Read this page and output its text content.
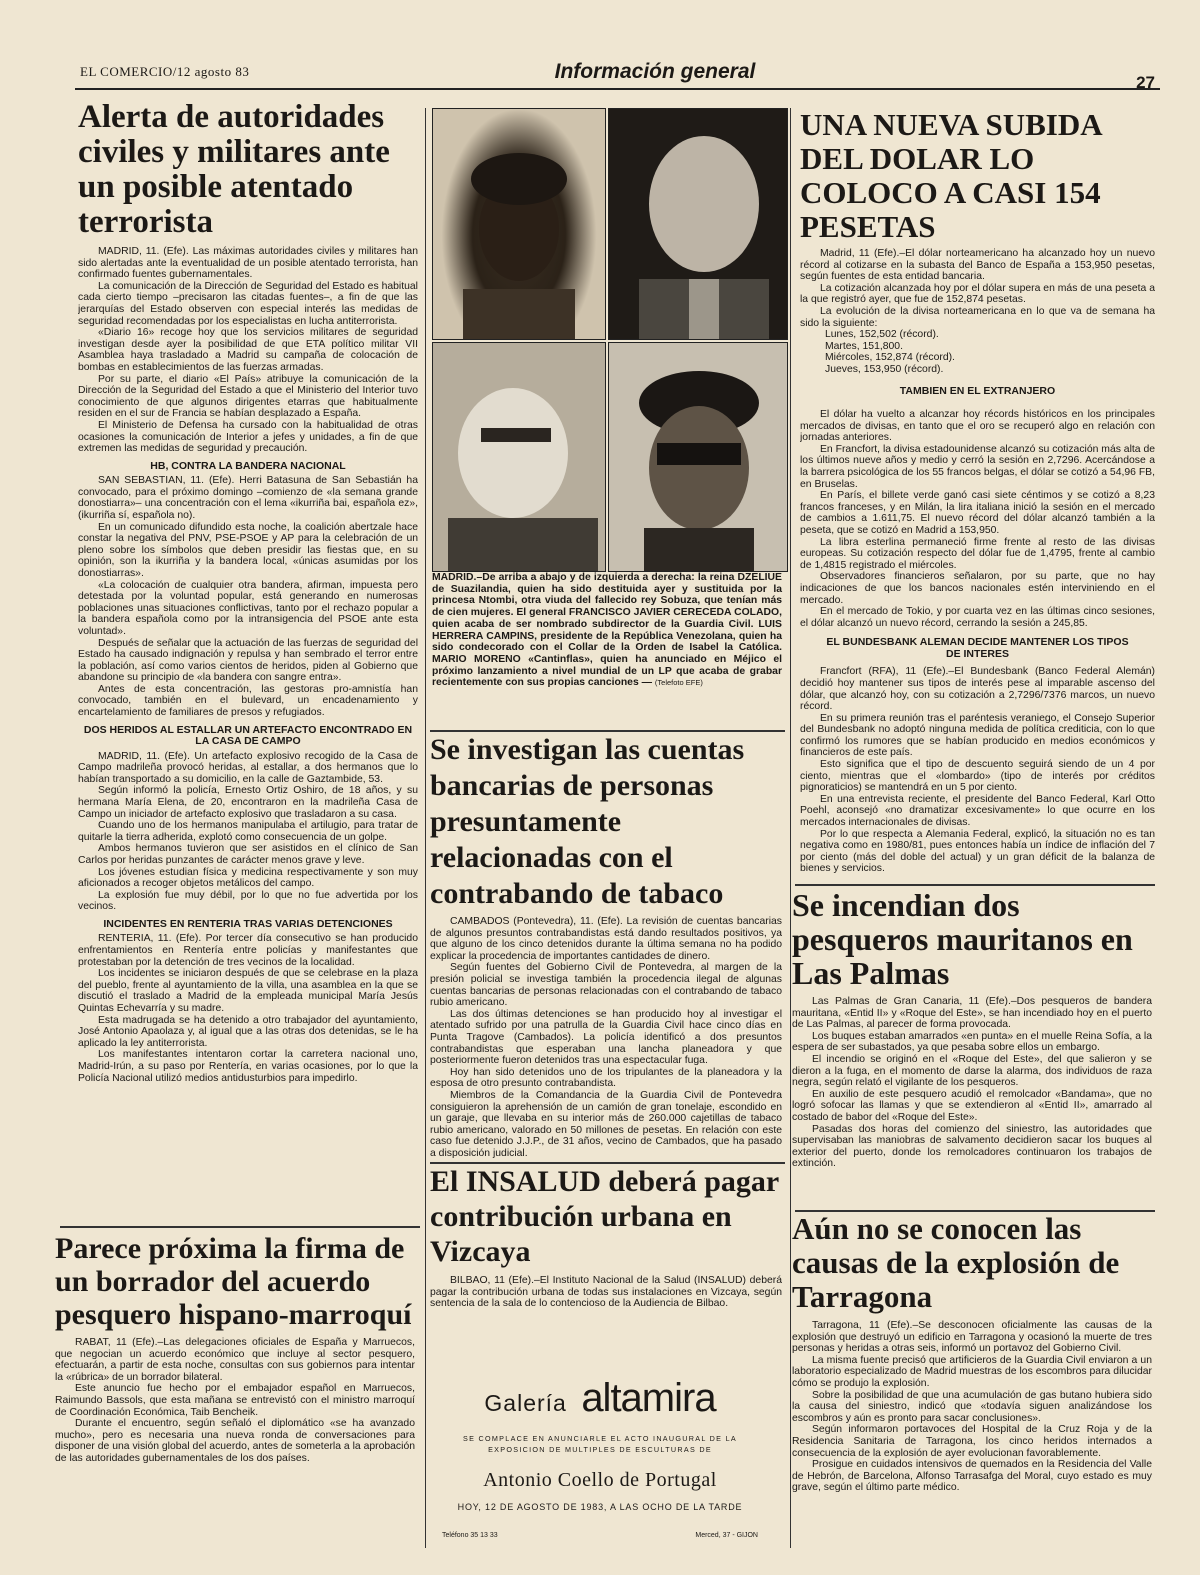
EL COMERCIO/12 agosto 83	Información general	27
Alerta de autoridades civiles y militares ante un posible atentado terrorista

MADRID, 11. (Efe). Las máximas autoridades civiles y militares han sido alertadas ante la eventualidad de un posible atentado terrorista, han confirmado fuentes gubernamentales.

La comunicación de la Dirección de Seguridad del Estado es habitual cada cierto tiempo –precisaron las citadas fuentes–, a fin de que las jerarquías del Estado observen con especial interés las medidas de seguridad recomendadas por los especialistas en lucha antiterrorista.

«Diario 16» recoge hoy que los servicios militares de seguridad investigan desde ayer la posibilidad de que ETA político militar VII Asamblea haya trasladado a Madrid su campaña de colocación de bombas en establecimientos de las fuerzas armadas.

Por su parte, el diario «El País» atribuye la comunicación de la Dirección de la Seguridad del Estado a que el Ministerio del Interior tuvo conocimiento de que algunos dirigentes etarras que habitualmente residen en el sur de Francia se habían desplazado a España.

El Ministerio de Defensa ha cursado con la habitualidad de otras ocasiones la comunicación de Interior a jefes y unidades, a fin de que extremen las medidas de seguridad y precaución.

HB, CONTRA LA BANDERA NACIONAL

SAN SEBASTIAN, 11. (Efe). Herri Batasuna de San Sebastián ha convocado, para el próximo domingo –comienzo de «la semana grande donostiarra»– una concentración con el lema «ikurriña bai, española ez», (ikurriña sí, española no).

En un comunicado difundido esta noche, la coalición abertzale hace constar la negativa del PNV, PSE-PSOE y AP para la celebración de un pleno sobre los símbolos que deben presidir las fiestas que, en su opinión, son la ikurriña y la bandera local, «únicas asumidas por los donostiarras».

«La colocación de cualquier otra bandera, afirman, impuesta pero detestada por la voluntad popular, está generando en numerosas poblaciones unas situaciones conflictivas, tanto por el rechazo popular a la bandera española como por la intransigencia del PSOE ante esta voluntad».

Después de señalar que la actuación de las fuerzas de seguridad del Estado ha causado indignación y repulsa y han sembrado el terror entre la población, así como varios cientos de heridos, piden al Gobierno que abandone su principio de «la bandera con sangre entra».

Antes de esta concentración, las gestoras pro-amnistía han convocado, también en el bulevard, un encadenamiento y encartelamiento de familiares de presos y refugiados.

DOS HERIDOS AL ESTALLAR UN ARTEFACTO ENCONTRADO EN LA CASA DE CAMPO

MADRID, 11. (Efe). Un artefacto explosivo recogido de la Casa de Campo madrileña provocó heridas, al estallar, a dos hermanos que lo habían transportado a su domicilio, en la calle de Gaztambide, 53.

Según informó la policía, Ernesto Ortiz Oshiro, de 18 años, y su hermana María Elena, de 20, encontraron en la madrileña Casa de Campo un iniciador de artefacto explosivo que trasladaron a su casa.

Cuando uno de los hermanos manipulaba el artilugio, para tratar de quitarle la tierra adherida, explotó como consecuencia de un golpe.

Ambos hermanos tuvieron que ser asistidos en el clínico de San Carlos por heridas punzantes de carácter menos grave y leve.

Los jóvenes estudian física y medicina respectivamente y son muy aficionados a recoger objetos metálicos del campo.

La explosión fue muy débil, por lo que no fue advertida por los vecinos.

INCIDENTES EN RENTERIA TRAS VARIAS DETENCIONES

RENTERIA, 11. (Efe). Por tercer día consecutivo se han producido enfrentamientos en Rentería entre policías y manifestantes que protestaban por la detención de tres vecinos de la localidad.

Los incidentes se iniciaron después de que se celebrase en la plaza del pueblo, frente al ayuntamiento de la villa, una asamblea en la que se discutió el traslado a Madrid de la empleada municipal María Jesús Quintas Echevarría y su madre.

Esta madrugada se ha detenido a otro trabajador del ayuntamiento, José Antonio Apaolaza y, al igual que a las otras dos detenidas, se le ha aplicado la ley antiterrorista.

Los manifestantes intentaron cortar la carretera nacional uno, Madrid-Irún, a su paso por Rentería, en varias ocasiones, por lo que la Policía Nacional utilizó medios antidusturbios para impedirlo.

Parece próxima la firma de un borrador del acuerdo pesquero hispano-marroquí

RABAT, 11 (Efe).–Las delegaciones oficiales de España y Marruecos, que negocian un acuerdo económico que incluye al sector pesquero, efectuarán, a partir de esta noche, consultas con sus gobiernos para intentar la «rúbrica» de un borrador bilateral.

Este anuncio fue hecho por el embajador español en Marruecos, Raimundo Bassols, que esta mañana se entrevistó con el ministro marroquí de Coordinación Económica, Taib Bencheik.

Durante el encuentro, según señaló el diplomático «se ha avanzado mucho», pero es necesaria una nueva ronda de conversaciones para disponer de una visión global del acuerdo, antes de someterla a la aprobación de las autoridades gubernamentales de los dos países.

MADRID.–De arriba a abajo y de izquierda a derecha: la reina DZELIUE de Suazilandia, quien ha sido destituida ayer y sustituida por la princesa Ntombi, otra viuda del fallecido rey Sobuza, que tenían más de cien mujeres. El general FRANCISCO JAVIER CERECEDA COLADO, quien acaba de ser nombrado subdirector de la Guardia Civil. LUIS HERRERA CAMPINS, presidente de la República Venezolana, quien ha sido condecorado con el Collar de la Orden de Isabel la Católica. MARIO MORENO «Cantinflas», quien ha anunciado en Méjico el próximo lanzamiento a nivel mundial de un LP que acaba de grabar recientemente con sus propias canciones — (Telefoto EFE)
Se investigan las cuentas bancarias de personas presuntamente relacionadas con el contrabando de tabaco

CAMBADOS (Pontevedra), 11. (Efe). La revisión de cuentas bancarias de algunos presuntos contrabandistas está dando resultados positivos, ya que alguno de los cinco detenidos durante la última semana no ha podido explicar la procedencia de importantes cantidades de dinero.

Según fuentes del Gobierno Civil de Pontevedra, al margen de la presión policial se investiga también la procedencia ilegal de algunas cuentas bancarias de personas relacionadas con el contrabando de tabaco rubio americano.

Las dos últimas detenciones se han producido hoy al investigar el atentado sufrido por una patrulla de la Guardia Civil hace cinco días en Punta Tragove (Cambados). La policía identificó a dos presuntos contrabandistas que esperaban una lancha planeadora y que posteriormente fueron detenidos tras una espectacular fuga.

Hoy han sido detenidos uno de los tripulantes de la planeadora y la esposa de otro presunto contrabandista.

Miembros de la Comandancia de la Guardia Civil de Pontevedra consiguieron la aprehensión de un camión de gran tonelaje, escondido en un garaje, que llevaba en su interior más de 260.000 cajetillas de tabaco rubio americano, valorado en 50 millones de pesetas. En relación con este caso fue detenido J.J.P., de 31 años, vecino de Cambados, que ha pasado a disposición judicial.

El INSALUD deberá pagar contribución urbana en Vizcaya

BILBAO, 11 (Efe).–El Instituto Nacional de la Salud (INSALUD) deberá pagar la contribución urbana de todas sus instalaciones en Vizcaya, según sentencia de la sala de lo contencioso de la Audiencia de Bilbao.

Galería altamira
SE COMPLACE EN ANUNCIARLE EL ACTO INAUGURAL DE LA
EXPOSICION DE MULTIPLES DE ESCULTURAS DE
Antonio Coello de Portugal
HOY, 12 DE AGOSTO DE 1983, A LAS OCHO DE LA TARDE
Teléfono 35 13 33	Merced, 37 - GIJON
UNA NUEVA SUBIDA DEL DOLAR LO COLOCO A CASI 154 PESETAS

Madrid, 11 (Efe).–El dólar norteamericano ha alcanzado hoy un nuevo récord al cotizarse en la subasta del Banco de España a 153,950 pesetas, según fuentes de esta entidad bancaria.

La cotización alcanzada hoy por el dólar supera en más de una peseta a la que registró ayer, que fue de 152,874 pesetas.

La evolución de la divisa norteamericana en lo que va de semana ha sido la siguiente:

Lunes, 152,502 (récord).

Martes, 151,800.

Miércoles, 152,874 (récord).

Jueves, 153,950 (récord).

TAMBIEN EN EL EXTRANJERO

El dólar ha vuelto a alcanzar hoy récords históricos en los principales mercados de divisas, en tanto que el oro se recuperó algo en relación con jornadas anteriores.

En Francfort, la divisa estadounidense alcanzó su cotización más alta de los últimos nueve años y medio y cerró la sesión en 2,7296. Acercándose a la barrera psicológica de los 55 francos belgas, el dólar se cotizó a 54,96 FB, en Bruselas.

En París, el billete verde ganó casi siete céntimos y se cotizó a 8,23 francos franceses, y en Milán, la lira italiana inició la sesión en el mercado de cambios a 1.611,75. El nuevo récord del dólar alcanzó también a la peseta, que se cotizó en Madrid a 153,950.

La libra esterlina permaneció firme frente al resto de las divisas europeas. Su cotización respecto del dólar fue de 1,4795, frente al cambio de 1,4815 registrado el miércoles.

Observadores financieros señalaron, por su parte, que no hay indicaciones de que los bancos nacionales estén interviniendo en el mercado.

En el mercado de Tokio, y por cuarta vez en las últimas cinco sesiones, el dólar alcanzó un nuevo récord, cerrando la sesión a 245,85.

EL BUNDESBANK ALEMAN DECIDE MANTENER LOS TIPOS DE INTERES

Francfort (RFA), 11 (Efe).–El Bundesbank (Banco Federal Alemán) decidió hoy mantener sus tipos de interés pese al imparable ascenso del dólar, que alcanzó hoy, con su cotización a 2,7296/7376 marcos, un nuevo récord.

En su primera reunión tras el paréntesis veraniego, el Consejo Superior del Bundesbank no adoptó ninguna medida de política crediticia, con lo que confirmó los rumores que se habían producido en medios económicos y financieros de este país.

Esto significa que el tipo de descuento seguirá siendo de un 4 por ciento, mientras que el «lombardo» (tipo de interés por créditos pignoraticios) se mantendrá en un 5 por ciento.

En una entrevista reciente, el presidente del Banco Federal, Karl Otto Poehl, aconsejó «no dramatizar excesivamente» lo que ocurre en los mercados internacionales de divisas.

Por lo que respecta a Alemania Federal, explicó, la situación no es tan negativa como en 1980/81, pues entonces había un índice de inflación del 7 por ciento (más del doble del actual) y un gran déficit de la balanza de bienes y servicios.

Se incendian dos pesqueros mauritanos en Las Palmas

Las Palmas de Gran Canaria, 11 (Efe).–Dos pesqueros de bandera mauritana, «Entid II» y «Roque del Este», se han incendiado hoy en el puerto de Las Palmas, al parecer de forma provocada.

Los buques estaban amarrados «en punta» en el muelle Reina Sofía, a la espera de ser subastados, ya que pesaba sobre ellos un embargo.

El incendio se originó en el «Roque del Este», del que salieron y se dieron a la fuga, en el momento de darse la alarma, dos individuos de raza negra, según relató el vigilante de los pesqueros.

En auxilio de este pesquero acudió el remolcador «Bandama», que no logró sofocar las llamas y que se extendieron al «Entid II», amarrado al costado de babor del «Roque del Este».

Pasadas dos horas del comienzo del siniestro, las autoridades que supervisaban las maniobras de salvamento decidieron sacar los buques al exterior del puerto, donde los remolcadores continuaron los trabajos de extinción.

Aún no se conocen las causas de la explosión de Tarragona

Tarragona, 11 (Efe).–Se desconocen oficialmente las causas de la explosión que destruyó un edificio en Tarragona y ocasionó la muerte de tres personas y heridas a otras seis, informó un portavoz del Gobierno Civil.

La misma fuente precisó que artificieros de la Guardia Civil enviaron a un laboratorio especializado de Madrid muestras de los escombros para dilucidar cómo se produjo la explosión.

Sobre la posibilidad de que una acumulación de gas butano hubiera sido la causa del siniestro, indicó que «todavía siguen analizándose los escombros y aún es pronto para sacar conclusiones».

Según informaron portavoces del Hospital de la Cruz Roja y de la Residencia Sanitaria de Tarragona, los cinco heridos internados a consecuencia de la explosión de ayer evolucionan favorablemente.

Prosigue en cuidados intensivos de quemados en la Residencia del Valle de Hebrón, de Barcelona, Alfonso Tarrasafga del Moral, cuyo estado es muy grave, según el último parte médico.
